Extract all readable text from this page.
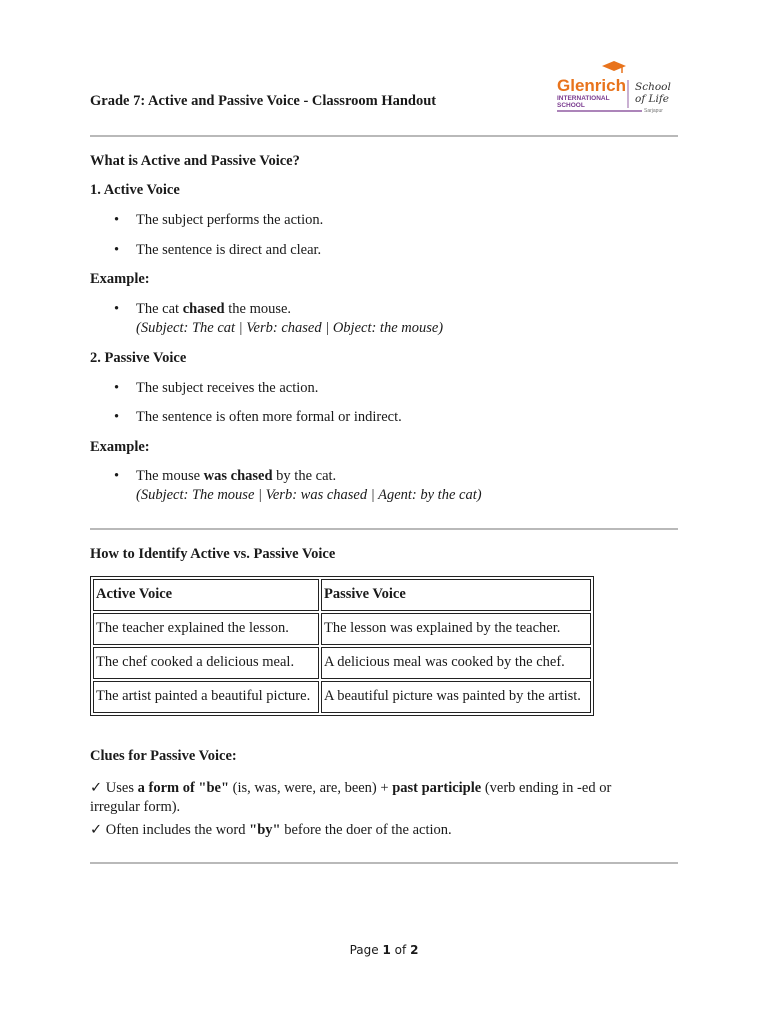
Grade 7: Active and Passive Voice - Classroom Handout
Glenrich
INTERNATIONAL
SCHOOL
School
of Life
Sarjapur
What is Active and Passive Voice?
1. Active Voice
• The subject performs the action.
• The sentence is direct and clear.
Example:
• The cat chased the mouse.
(Subject: The cat | Verb: chased | Object: the mouse)
2. Passive Voice
• The subject receives the action.
• The sentence is often more formal or indirect.
Example:
• The mouse was chased by the cat.
(Subject: The mouse | Verb: was chased | Agent: by the cat)
How to Identify Active vs. Passive Voice
Active Voice	Passive Voice
The teacher explained the lesson.	The lesson was explained by the teacher.
The chef cooked a delicious meal.	A delicious meal was cooked by the chef.
The artist painted a beautiful picture.	A beautiful picture was painted by the artist.
Clues for Passive Voice:
✓ Uses a form of "be" (is, was, were, are, been) + past participle (verb ending in -ed or irregular form).
✓ Often includes the word "by" before the doer of the action.
Page 1 of 2
